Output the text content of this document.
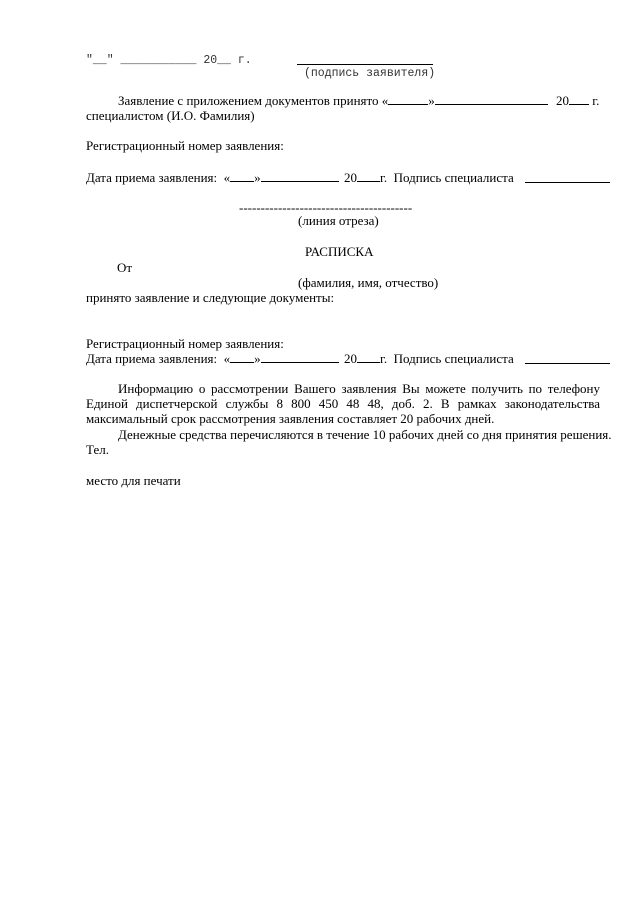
"__" ___________ 20__ г.
(подпись заявителя)
Заявление с приложением документов принято «	»	20 г.
специалистом (И.О. Фамилия)
Регистрационный номер заявления:
Дата приема заявления: « »	20 г. Подпись специалиста
----------------------------------------
(линия отреза)
РАСПИСКА
От
(фамилия, имя, отчество)
принято заявление и следующие документы:
Регистрационный номер заявления:
Дата приема заявления: « »	20 г. Подпись специалиста
Информацию о рассмотрении Вашего заявления Вы можете получить по телефону
Единой диспетчерской службы 8 800 450 48 48, доб. 2. В рамках законодательства
максимальный срок рассмотрения заявления составляет 20 рабочих дней.
Денежные средства перечисляются в течение 10 рабочих дней со дня принятия решения.
Тел.
место для печати
